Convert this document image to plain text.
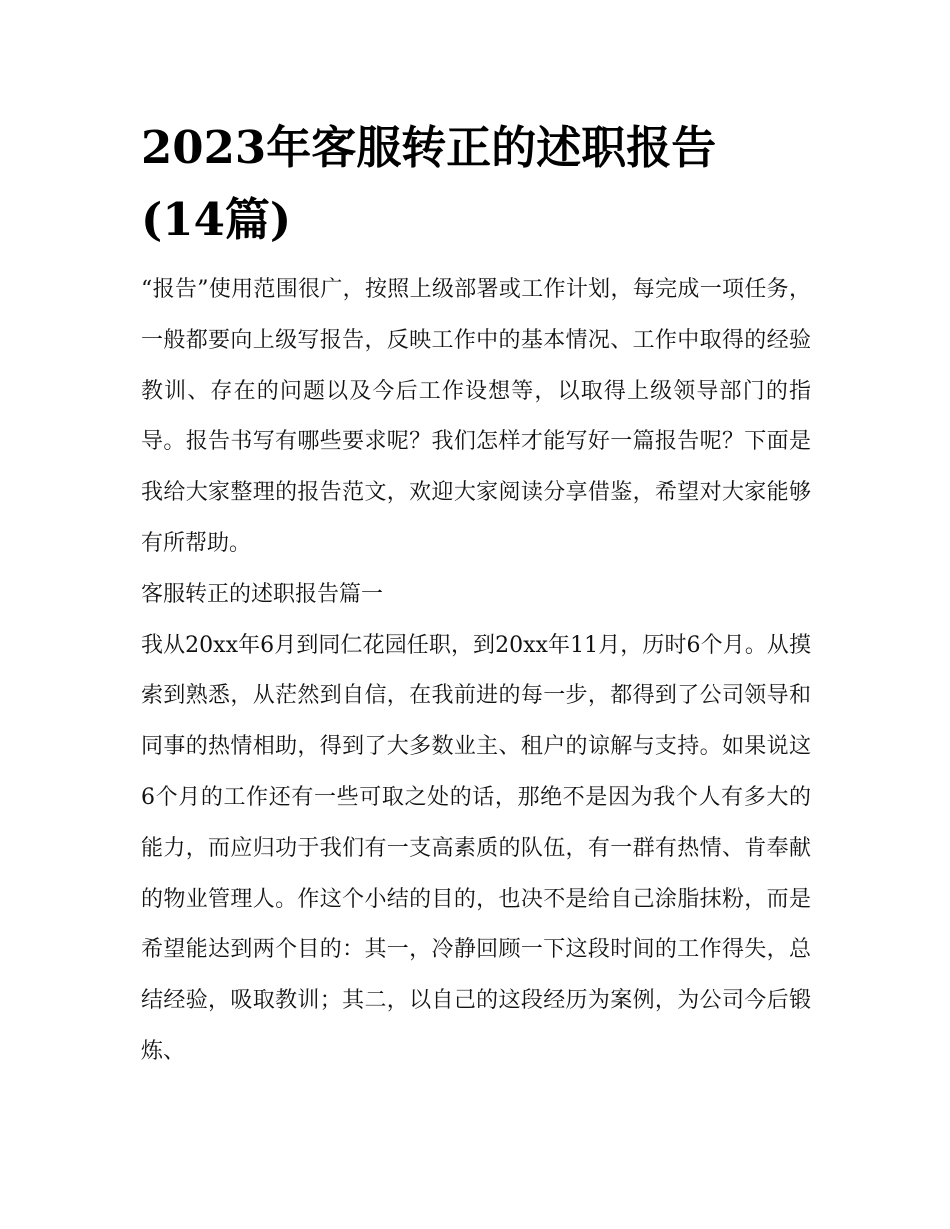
2023年客服转正的述职报告
(14篇)

“报告”使用范围很广，按照上级部署或工作计划，每完成一项任务，一般都要向上级写报告，反映工作中的基本情况、工作中取得的经验教训、存在的问题以及今后工作设想等，以取得上级领导部门的指导。报告书写有哪些要求呢？我们怎样才能写好一篇报告呢？下面是我给大家整理的报告范文，欢迎大家阅读分享借鉴，希望对大家能够有所帮助。

客服转正的述职报告篇一

我从20xx年6月到同仁花园任职，到20xx年11月，历时6个月。从摸索到熟悉，从茫然到自信，在我前进的每一步，都得到了公司领导和同事的热情相助，得到了大多数业主、租户的谅解与支持。如果说这6个月的工作还有一些可取之处的话，那绝不是因为我个人有多大的能力，而应归功于我们有一支高素质的队伍，有一群有热情、肯奉献的物业管理人。作这个小结的目的，也决不是给自己涂脂抹粉，而是希望能达到两个目的：其一，冷静回顾一下这段时间的工作得失，总结经验，吸取教训；其二，以自己的这段经历为案例，为公司今后锻炼、
